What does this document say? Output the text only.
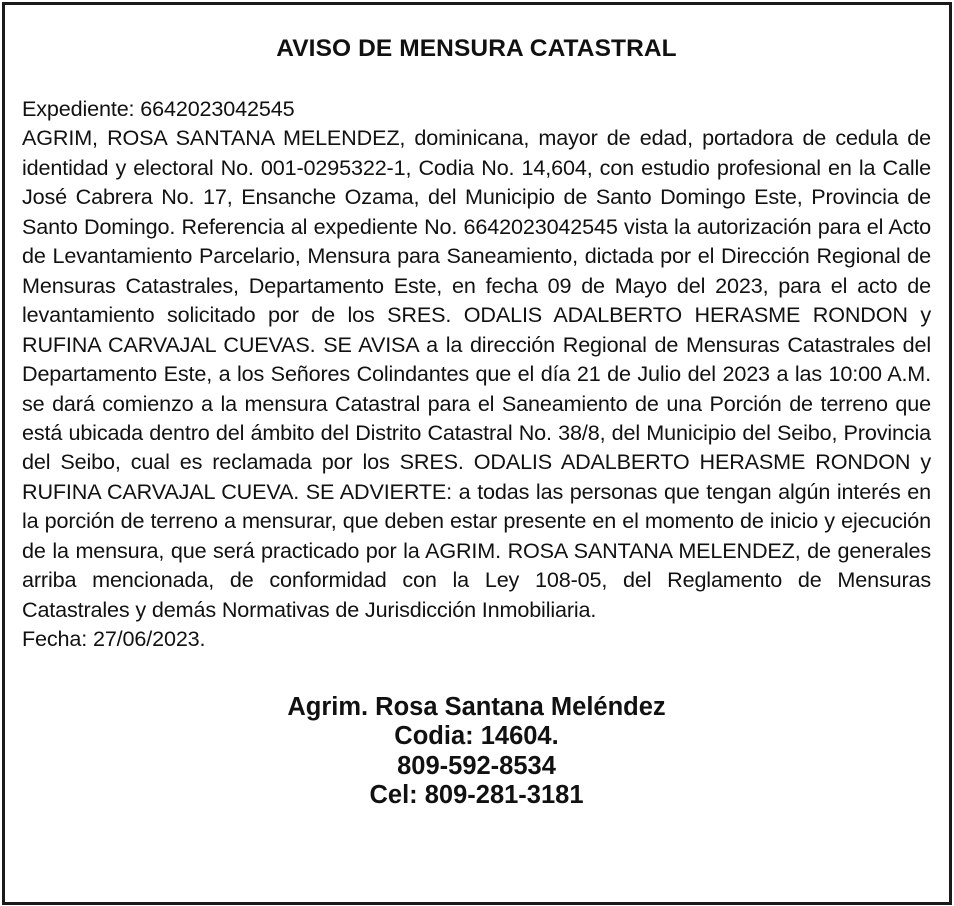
AVISO DE MENSURA CATASTRAL

Expediente: 6642023042545

AGRIM, ROSA SANTANA MELENDEZ, dominicana, mayor de edad, portadora de cedula de identidad y electoral No. 001-0295322-1, Codia No. 14,604, con estudio profesional en la Calle José Cabrera No. 17, Ensanche Ozama, del Municipio de Santo Domingo Este, Provincia de Santo Domingo. Referencia al expediente No. 6642023042545 vista la autorización para el Acto de Levantamiento Parcelario, Mensura para Saneamiento, dictada por el Dirección Regional de Mensuras Catastrales, Departamento Este, en fecha 09 de Mayo del 2023, para el acto de levantamiento solicitado por de los SRES. ODALIS ADALBERTO HERASME RONDON y RUFINA CARVAJAL CUEVAS. SE AVISA a la dirección Regional de Mensuras Catastrales del Departamento Este, a los Señores Colindantes que el día 21 de Julio del 2023 a las 10:00 A.M. se dará comienzo a la mensura Catastral para el Saneamiento de una Porción de terreno que está ubicada dentro del ámbito del Distrito Catastral No. 38/8, del Municipio del Seibo, Provincia del Seibo, cual es reclamada por los SRES. ODALIS ADALBERTO HERASME RONDON y RUFINA CARVAJAL CUEVA. SE ADVIERTE: a todas las personas que tengan algún interés en la porción de terreno a mensurar, que deben estar presente en el momento de inicio y ejecución de la mensura, que será practicado por la AGRIM. ROSA SANTANA MELENDEZ, de generales arriba mencionada, de conformidad con la Ley 108-05, del Reglamento de Mensuras Catastrales y demás Normativas de Jurisdicción Inmobiliaria.

Fecha: 27/06/2023.

Agrim. Rosa Santana Meléndez
Codia: 14604.
809-592-8534
Cel: 809-281-3181
